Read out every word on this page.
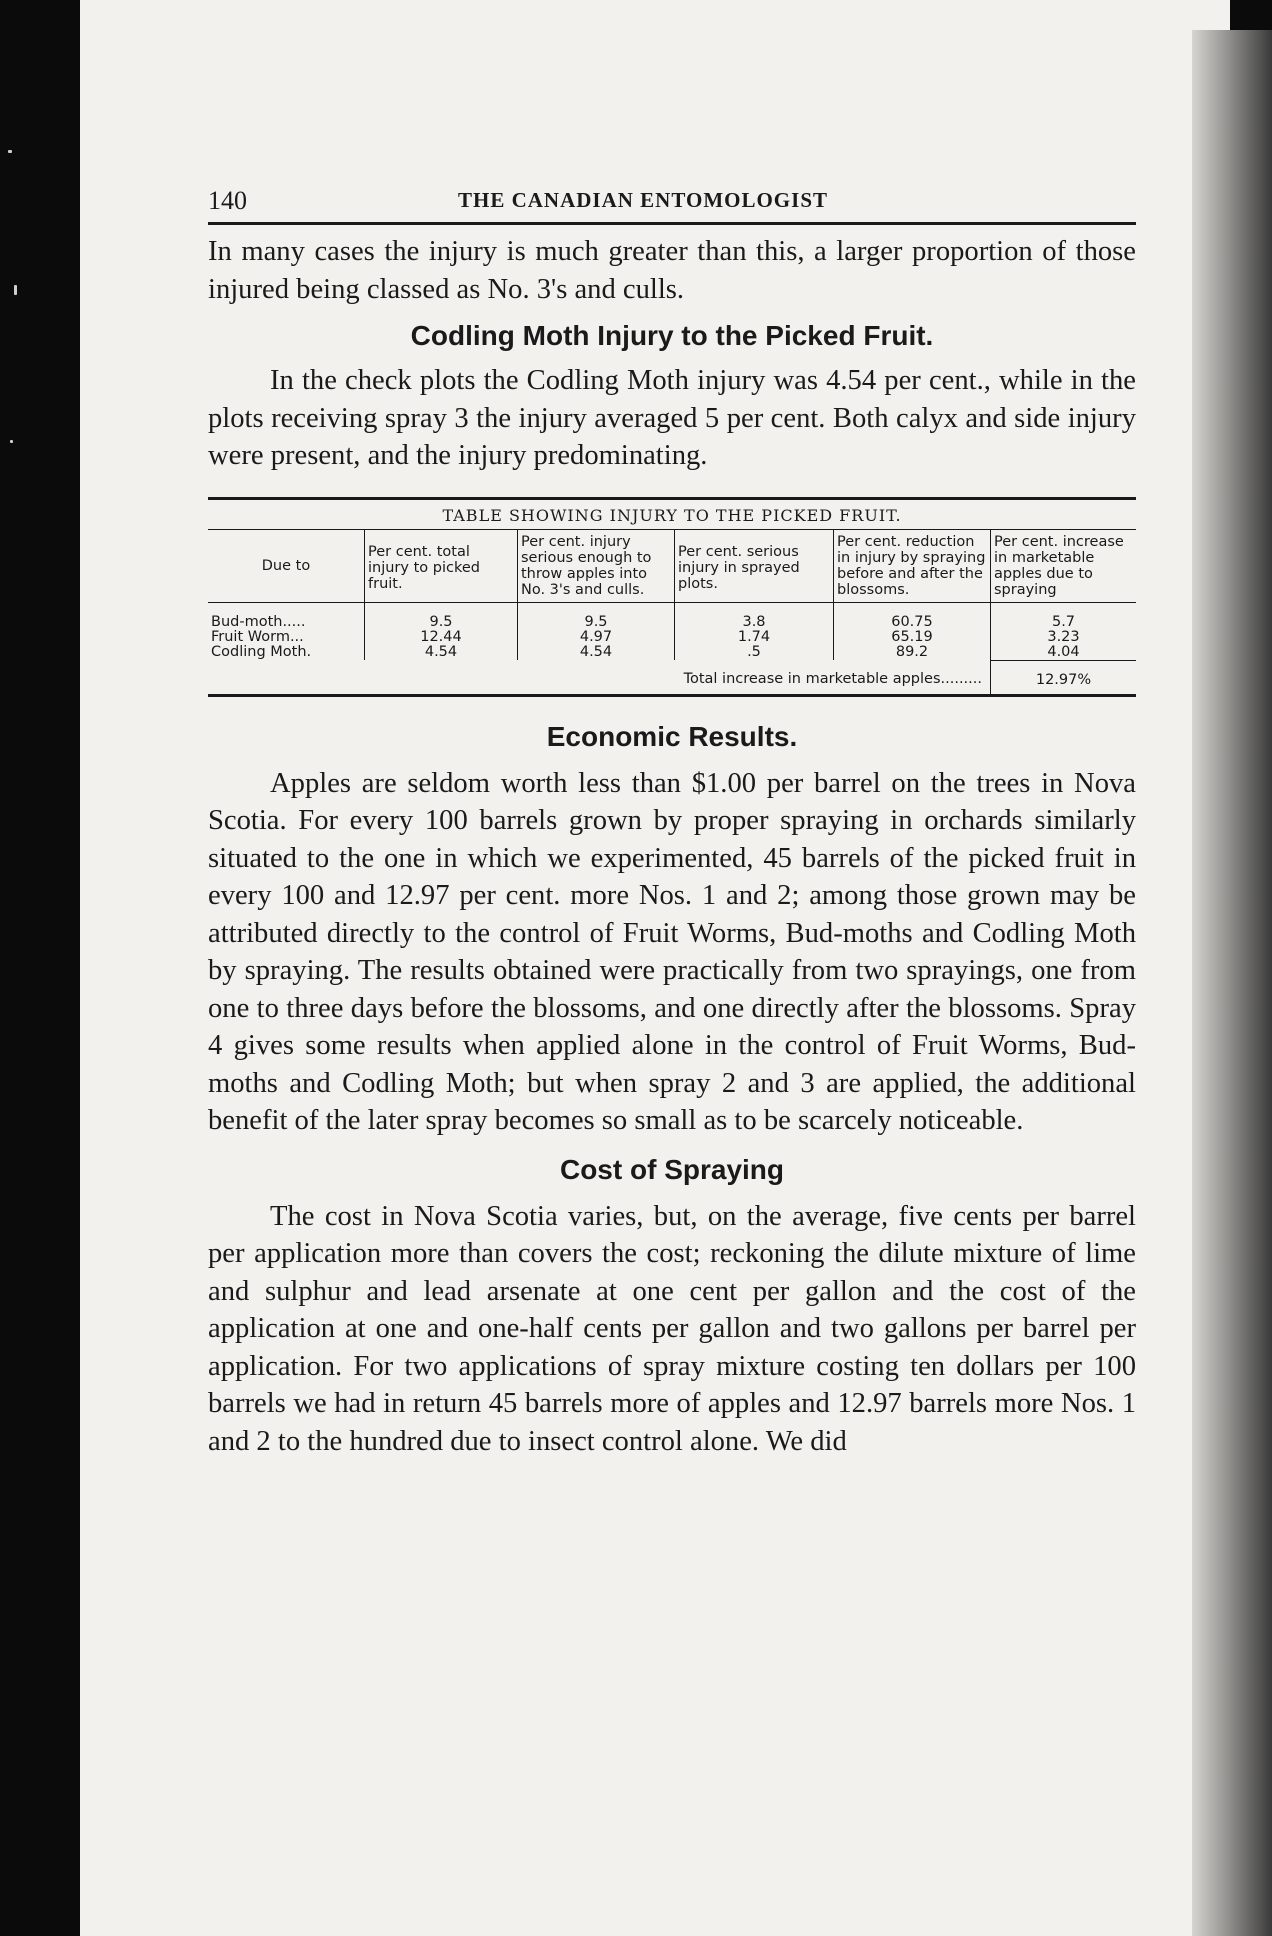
140	THE CANADIAN ENTOMOLOGIST

In many cases the injury is much greater than this, a larger proportion of those injured being classed as No. 3's and culls.

Codling Moth Injury to the Picked Fruit.

In the check plots the Codling Moth injury was 4.54 per cent., while in the plots receiving spray 3 the injury averaged 5 per cent. Both calyx and side injury were present, and the injury predominating.

TABLE SHOWING INJURY TO THE PICKED FRUIT.
Due to	Per cent. total injury to picked fruit.	Per cent. injury serious enough to throw apples into No. 3's and culls.	Per cent. serious injury in sprayed plots.	Per cent. reduction in injury by spraying before and after the blossoms.	Per cent. increase in marketable apples due to spraying
Bud-moth.....	9.5	9.5	3.8	60.75	5.7
Fruit Worm...	12.44	4.97	1.74	65.19	3.23
Codling Moth.	4.54	4.54	.5	89.2	4.04
Total increase in marketable apples.........					12.97%
Economic Results.

Apples are seldom worth less than $1.00 per barrel on the trees in Nova Scotia. For every 100 barrels grown by proper spraying in orchards similarly situated to the one in which we experimented, 45 barrels of the picked fruit in every 100 and 12.97 per cent. more Nos. 1 and 2; among those grown may be attributed directly to the control of Fruit Worms, Bud-moths and Codling Moth by spraying. The results obtained were practically from two sprayings, one from one to three days before the blossoms, and one directly after the blossoms. Spray 4 gives some results when applied alone in the control of Fruit Worms, Bud-moths and Codling Moth; but when spray 2 and 3 are applied, the additional benefit of the later spray becomes so small as to be scarcely noticeable.

Cost of Spraying

The cost in Nova Scotia varies, but, on the average, five cents per barrel per application more than covers the cost; reckoning the dilute mixture of lime and sulphur and lead arsenate at one cent per gallon and the cost of the application at one and one-half cents per gallon and two gallons per barrel per application. For two applications of spray mixture costing ten dollars per 100 barrels we had in return 45 barrels more of apples and 12.97 barrels more Nos. 1 and 2 to the hundred due to insect control alone. We did
